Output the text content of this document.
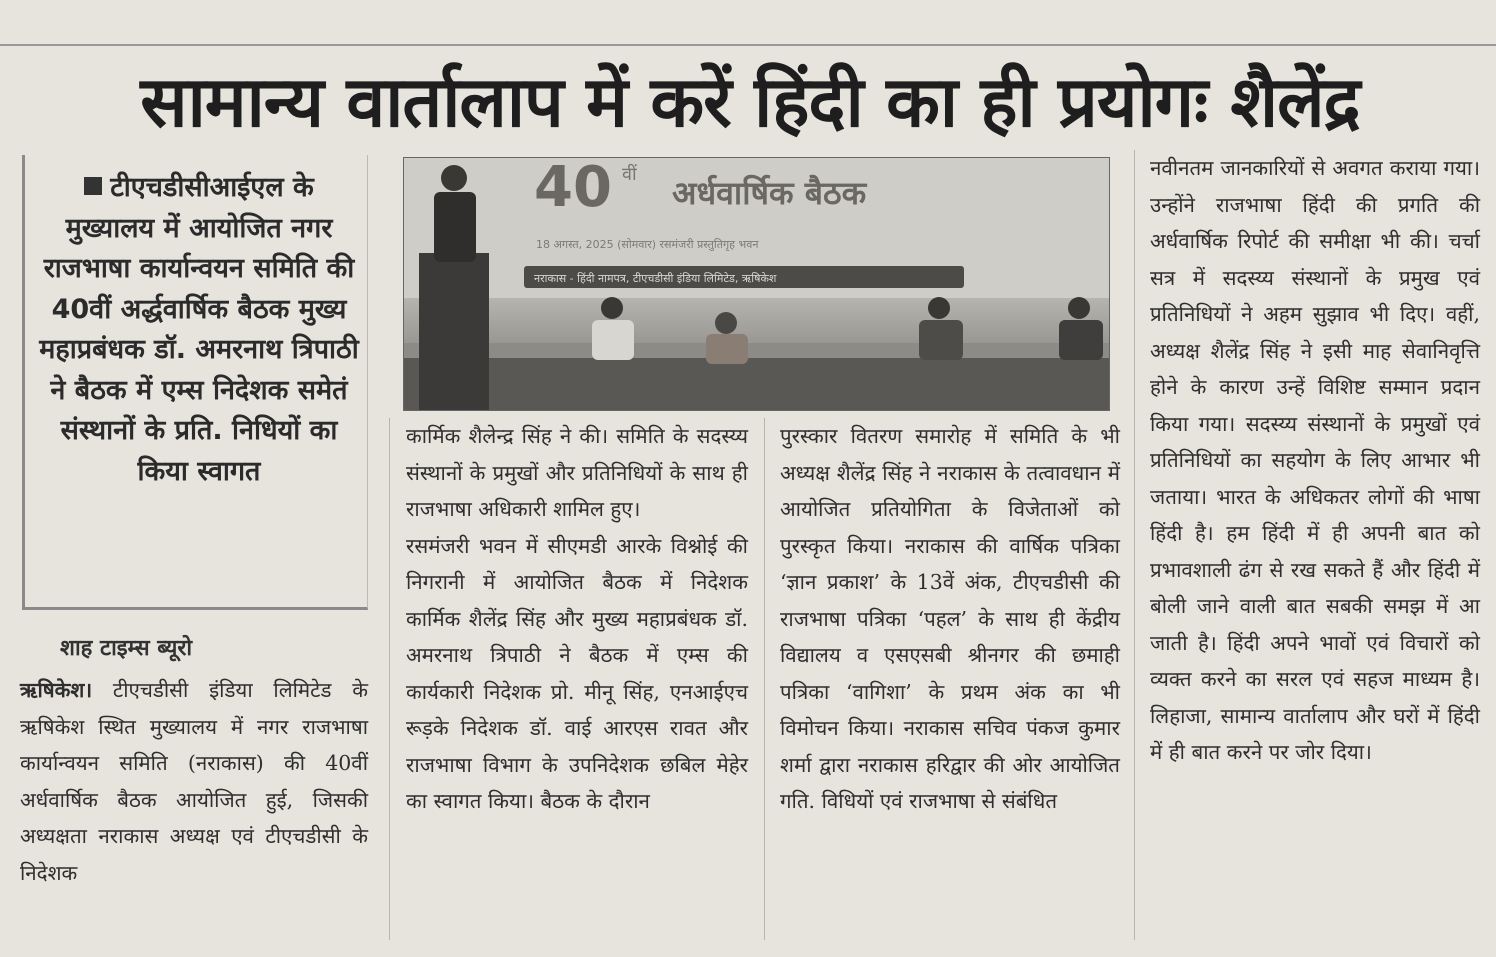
सामान्य वार्तालाप में करें हिंदी का ही प्रयोगः शैलेंद्र
टीएचडीसीआईएल के मुख्यालय में आयोजित नगर राजभाषा कार्यान्वयन समिति की 40वीं अर्द्धवार्षिक बैठक मुख्य महाप्रबंधक डॉ. अमरनाथ त्रिपाठी ने बैठक में एम्स निदेशक समेतं संस्थानों के प्रति. निधियों का किया स्वागत
शाह टाइम्स ब्यूरो

ऋषिकेश। टीएचडीसी इंडिया लिमिटेड के ऋषिकेश स्थित मुख्यालय में नगर राजभाषा कार्यान्वयन समिति (नराकास) की 40वीं अर्धवार्षिक बैठक आयोजित हुई, जिसकी अध्यक्षता नराकास अध्यक्ष एवं टीएचडीसी के निदेशक

40 वीं अर्धवार्षिक बैठक
18 अगस्त, 2025 (सोमवार) रसमंजरी प्रस्तुतिगृह भवन
नराकास - हिंदी नामपत्र, टीएचडीसी इंडिया लिमिटेड, ऋषिकेश

कार्मिक शैलेन्द्र सिंह ने की। समिति के सदस्य्य संस्थानों के प्रमुखों और प्रतिनिधियों के साथ ही राजभाषा अधिकारी शामिल हुए।

रसमंजरी भवन में सीएमडी आरके विश्नोई की निगरानी में आयोजित बैठक में निदेशक कार्मिक शैलेंद्र सिंह और मुख्य महाप्रबंधक डॉ. अमरनाथ त्रिपाठी ने बैठक में एम्स की कार्यकारी निदेशक प्रो. मीनू सिंह, एनआईएच रूड़के निदेशक डॉ. वाई आरएस रावत और राजभाषा विभाग के उपनिदेशक छबिल मेहेर का स्वागत किया। बैठक के दौरान

पुरस्कार वितरण समारोह में समिति के भी अध्यक्ष शैलेंद्र सिंह ने नराकास के तत्वावधान में आयोजित प्रतियोगिता के विजेताओं को पुरस्कृत किया। नराकास की वार्षिक पत्रिका ‘ज्ञान प्रकाश’ के 13वें अंक, टीएचडीसी की राजभाषा पत्रिका ‘पहल’ के साथ ही केंद्रीय विद्यालय व एसएसबी श्रीनगर की छमाही पत्रिका ‘वागिशा’ के प्रथम अंक का भी विमोचन किया। नराकास सचिव पंकज कुमार शर्मा द्वारा नराकास हरिद्वार की ओर आयोजित गति. विधियों एवं राजभाषा से संबंधित

नवीनतम जानकारियों से अवगत कराया गया। उन्होंने राजभाषा हिंदी की प्रगति की अर्धवार्षिक रिपोर्ट की समीक्षा भी की। चर्चा सत्र में सदस्य्य संस्थानों के प्रमुख एवं प्रतिनिधियों ने अहम सुझाव भी दिए। वहीं, अध्यक्ष शैलेंद्र सिंह ने इसी माह सेवानिवृत्ति होने के कारण उन्हें विशिष्ट सम्मान प्रदान किया गया। सदस्य्य संस्थानों के प्रमुखों एवं प्रतिनिधियों का सहयोग के लिए आभार भी जताया। भारत के अधिकतर लोगों की भाषा हिंदी है। हम हिंदी में ही अपनी बात को प्रभावशाली ढंग से रख सकते हैं और हिंदी में बोली जाने वाली बात सबकी समझ में आ जाती है। हिंदी अपने भावों एवं विचारों को व्यक्त करने का सरल एवं सहज माध्यम है। लिहाजा, सामान्य वार्तालाप और घरों में हिंदी में ही बात करने पर जोर दिया।
